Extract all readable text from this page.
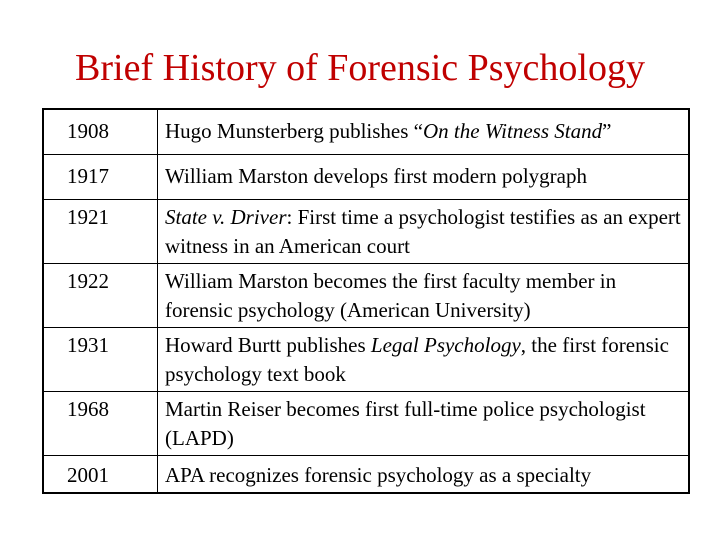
Brief History of Forensic Psychology
1908	Hugo Munsterberg publishes “On the Witness Stand”
1917	William Marston develops first modern polygraph
1921	State v. Driver: First time a psychologist testifies as an expert witness in an American court
1922	William Marston becomes the first faculty member in forensic psychology (American University)
1931	Howard Burtt publishes Legal Psychology, the first forensic psychology text book
1968	Martin Reiser becomes first full-time police psychologist (LAPD)
2001	APA recognizes forensic psychology as a specialty
